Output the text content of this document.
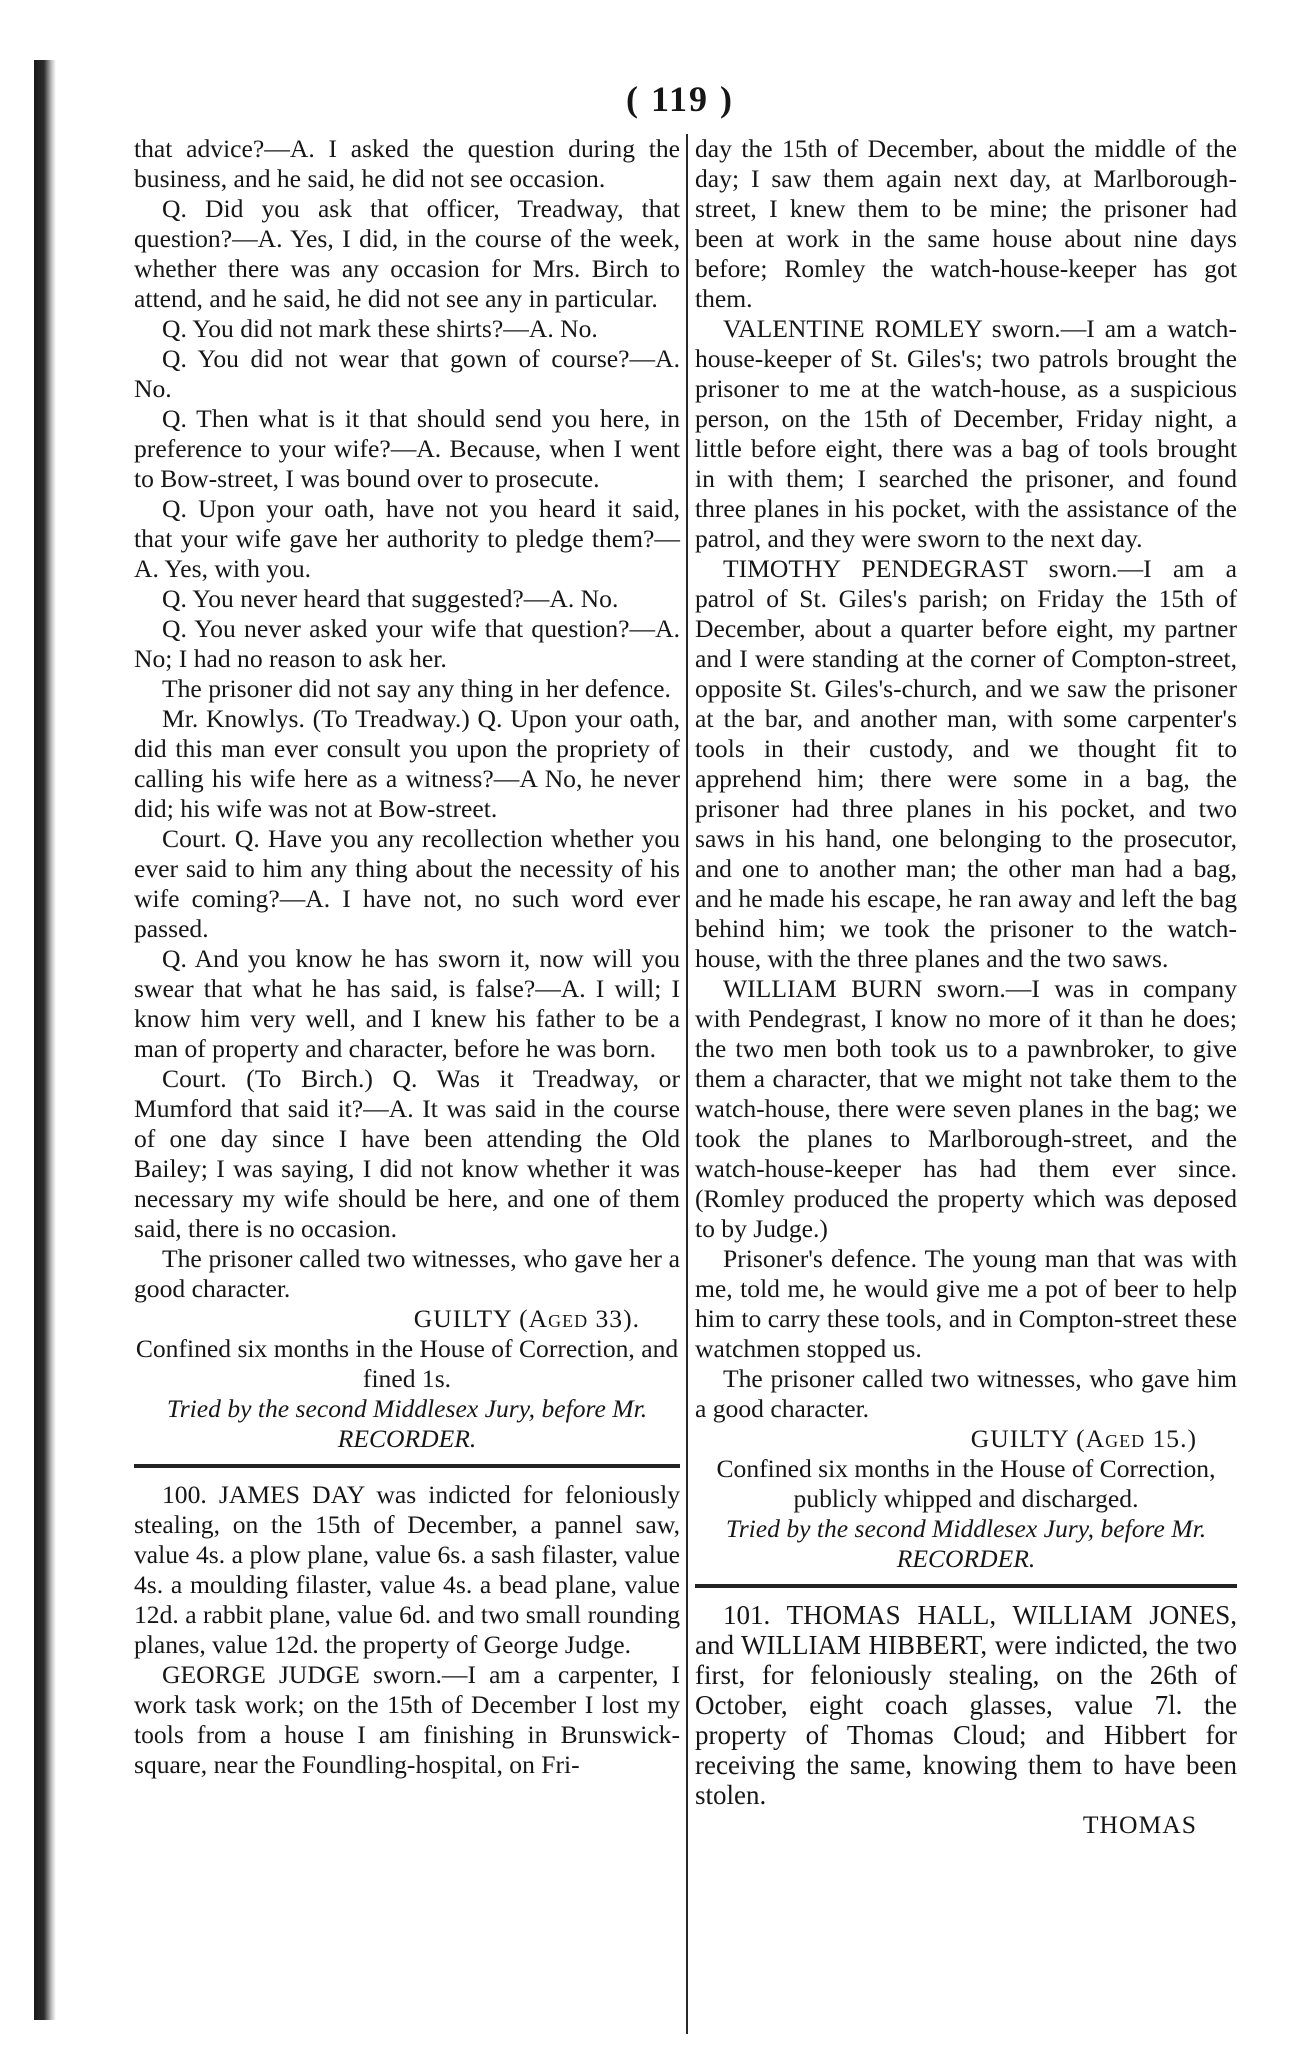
( 119 )

that advice?—A. I asked the question during the business, and he said, he did not see occasion.

Q. Did you ask that officer, Treadway, that question?—A. Yes, I did, in the course of the week, whether there was any occasion for Mrs. Birch to attend, and he said, he did not see any in particular.

Q. You did not mark these shirts?—A. No.

Q. You did not wear that gown of course?—A. No.

Q. Then what is it that should send you here, in preference to your wife?—A. Because, when I went to Bow-street, I was bound over to prosecute.

Q. Upon your oath, have not you heard it said, that your wife gave her authority to pledge them?—A. Yes, with you.

Q. You never heard that suggested?—A. No.

Q. You never asked your wife that question?—A. No; I had no reason to ask her.

The prisoner did not say any thing in her defence.

Mr. Knowlys. (To Treadway.) Q. Upon your oath, did this man ever consult you upon the propriety of calling his wife here as a witness?—A No, he never did; his wife was not at Bow-street.

Court. Q. Have you any recollection whether you ever said to him any thing about the necessity of his wife coming?—A. I have not, no such word ever passed.

Q. And you know he has sworn it, now will you swear that what he has said, is false?—A. I will; I know him very well, and I knew his father to be a man of property and character, before he was born.

Court. (To Birch.) Q. Was it Treadway, or Mumford that said it?—A. It was said in the course of one day since I have been attending the Old Bailey; I was saying, I did not know whether it was necessary my wife should be here, and one of them said, there is no occasion.

The prisoner called two witnesses, who gave her a good character.

GUILTY (Aged 33).

Confined six months in the House of Correction, and fined 1s.

Tried by the second Middlesex Jury, before Mr. RECORDER.

100. JAMES DAY was indicted for feloniously stealing, on the 15th of December, a pannel saw, value 4s. a plow plane, value 6s. a sash filaster, value 4s. a moulding filaster, value 4s. a bead plane, value 12d. a rabbit plane, value 6d. and two small rounding planes, value 12d. the property of George Judge.

GEORGE JUDGE sworn.—I am a carpenter, I work task work; on the 15th of December I lost my tools from a house I am finishing in Brunswick-square, near the Foundling-hospital, on Fri-

day the 15th of December, about the middle of the day; I saw them again next day, at Marlborough-street, I knew them to be mine; the prisoner had been at work in the same house about nine days before; Romley the watch-house-keeper has got them.

VALENTINE ROMLEY sworn.—I am a watch-house-keeper of St. Giles's; two patrols brought the prisoner to me at the watch-house, as a suspicious person, on the 15th of December, Friday night, a little before eight, there was a bag of tools brought in with them; I searched the prisoner, and found three planes in his pocket, with the assistance of the patrol, and they were sworn to the next day.

TIMOTHY PENDEGRAST sworn.—I am a patrol of St. Giles's parish; on Friday the 15th of December, about a quarter before eight, my partner and I were standing at the corner of Compton-street, opposite St. Giles's-church, and we saw the prisoner at the bar, and another man, with some carpenter's tools in their custody, and we thought fit to apprehend him; there were some in a bag, the prisoner had three planes in his pocket, and two saws in his hand, one belonging to the prosecutor, and one to another man; the other man had a bag, and he made his escape, he ran away and left the bag behind him; we took the prisoner to the watch-house, with the three planes and the two saws.

WILLIAM BURN sworn.—I was in company with Pendegrast, I know no more of it than he does; the two men both took us to a pawnbroker, to give them a character, that we might not take them to the watch-house, there were seven planes in the bag; we took the planes to Marlborough-street, and the watch-house-keeper has had them ever since. (Romley produced the property which was deposed to by Judge.)

Prisoner's defence. The young man that was with me, told me, he would give me a pot of beer to help him to carry these tools, and in Compton-street these watchmen stopped us.

The prisoner called two witnesses, who gave him a good character.

GUILTY (Aged 15.)

Confined six months in the House of Correction, publicly whipped and discharged.

Tried by the second Middlesex Jury, before Mr. RECORDER.

101. THOMAS HALL, WILLIAM JONES, and WILLIAM HIBBERT, were indicted, the two first, for feloniously stealing, on the 26th of October, eight coach glasses, value 7l. the property of Thomas Cloud; and Hibbert for receiving the same, knowing them to have been stolen.

THOMAS
